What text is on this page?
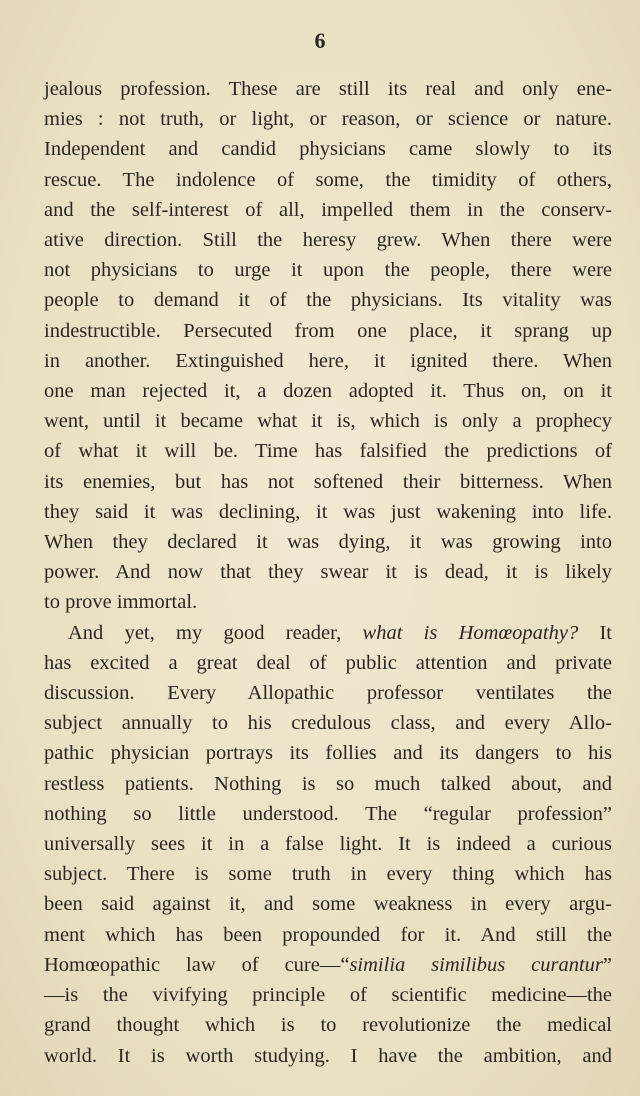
6
jealous profession. These are still its real and only ene-
mies : not truth, or light, or reason, or science or nature.
Independent and candid physicians came slowly to its
rescue. The indolence of some, the timidity of others,
and the self-interest of all, impelled them in the conserv-
ative direction. Still the heresy grew. When there were
not physicians to urge it upon the people, there were
people to demand it of the physicians. Its vitality was
indestructible. Persecuted from one place, it sprang up
in another. Extinguished here, it ignited there. When
one man rejected it, a dozen adopted it. Thus on, on it
went, until it became what it is, which is only a prophecy
of what it will be. Time has falsified the predictions of
its enemies, but has not softened their bitterness. When
they said it was declining, it was just wakening into life.
When they declared it was dying, it was growing into
power. And now that they swear it is dead, it is likely
to prove immortal.
And yet, my good reader, what is Homœopathy? It
has excited a great deal of public attention and private
discussion. Every Allopathic professor ventilates the
subject annually to his credulous class, and every Allo-
pathic physician portrays its follies and its dangers to his
restless patients. Nothing is so much talked about, and
nothing so little understood. The “regular profession”
universally sees it in a false light. It is indeed a curious
subject. There is some truth in every thing which has
been said against it, and some weakness in every argu-
ment which has been propounded for it. And still the
Homœopathic law of cure—“similia similibus curantur”
—is the vivifying principle of scientific medicine—the
grand thought which is to revolutionize the medical
world. It is worth studying. I have the ambition, and
